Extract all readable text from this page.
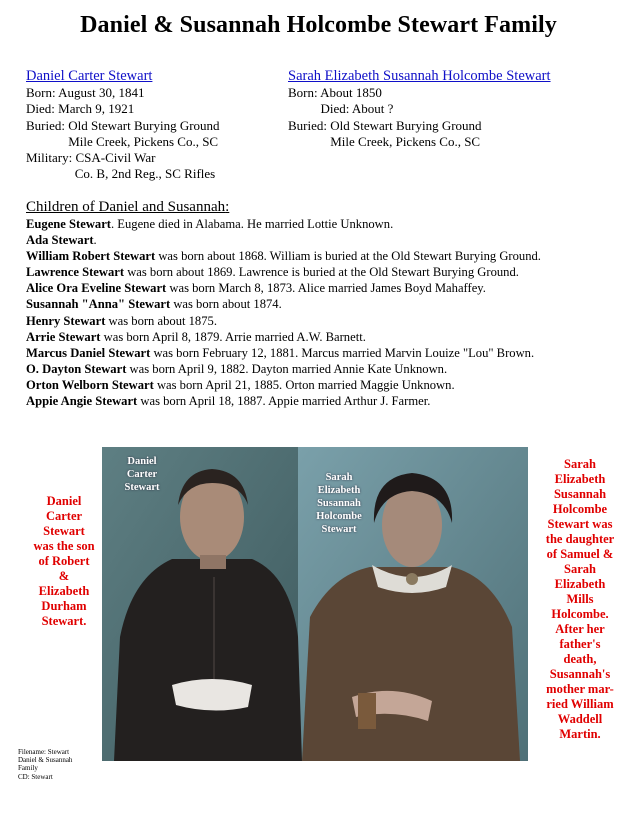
Daniel & Susannah Holcombe Stewart Family
Daniel Carter Stewart
Born: August 30, 1841
Died: March 9, 1921
Buried: Old Stewart Burying Ground
Mile Creek, Pickens Co., SC
Military: CSA-Civil War
Co. B, 2nd Reg., SC Rifles
Sarah Elizabeth Susannah Holcombe Stewart
Born: About 1850
Died: About ?
Buried: Old Stewart Burying Ground
Mile Creek, Pickens Co., SC
Children of Daniel and Susannah:
Eugene Stewart. Eugene died in Alabama. He married Lottie Unknown.
Ada Stewart.
William Robert Stewart was born about 1868. William is buried at the Old Stewart Burying Ground.
Lawrence Stewart was born about 1869. Lawrence is buried at the Old Stewart Burying Ground.
Alice Ora Eveline Stewart was born March 8, 1873. Alice married James Boyd Mahaffey.
Susannah "Anna" Stewart was born about 1874.
Henry Stewart was born about 1875.
Arrie Stewart was born April 8, 1879. Arrie married A.W. Barnett.
Marcus Daniel Stewart was born February 12, 1881. Marcus married Marvin Louize "Lou" Brown.
O. Dayton Stewart was born April 9, 1882. Dayton married Annie Kate Unknown.
Orton Welborn Stewart was born April 21, 1885. Orton married Maggie Unknown.
Appie Angie Stewart was born April 18, 1887. Appie married Arthur J. Farmer.
Daniel
Carter
Stewart
was the son
of Robert
&
Elizabeth
Durham
Stewart.
Daniel
Carter
Stewart
Sarah
Elizabeth
Susannah
Holcombe
Stewart
Sarah
Elizabeth
Susannah
Holcombe
Stewart was
the daughter
of Samuel &
Sarah
Elizabeth
Mills
Holcombe.
After her
father's
death,
Susannah's
mother mar-
ried William
Waddell
Martin.
Filename: Stewart
Daniel & Susannah
Family
CD: Stewart
